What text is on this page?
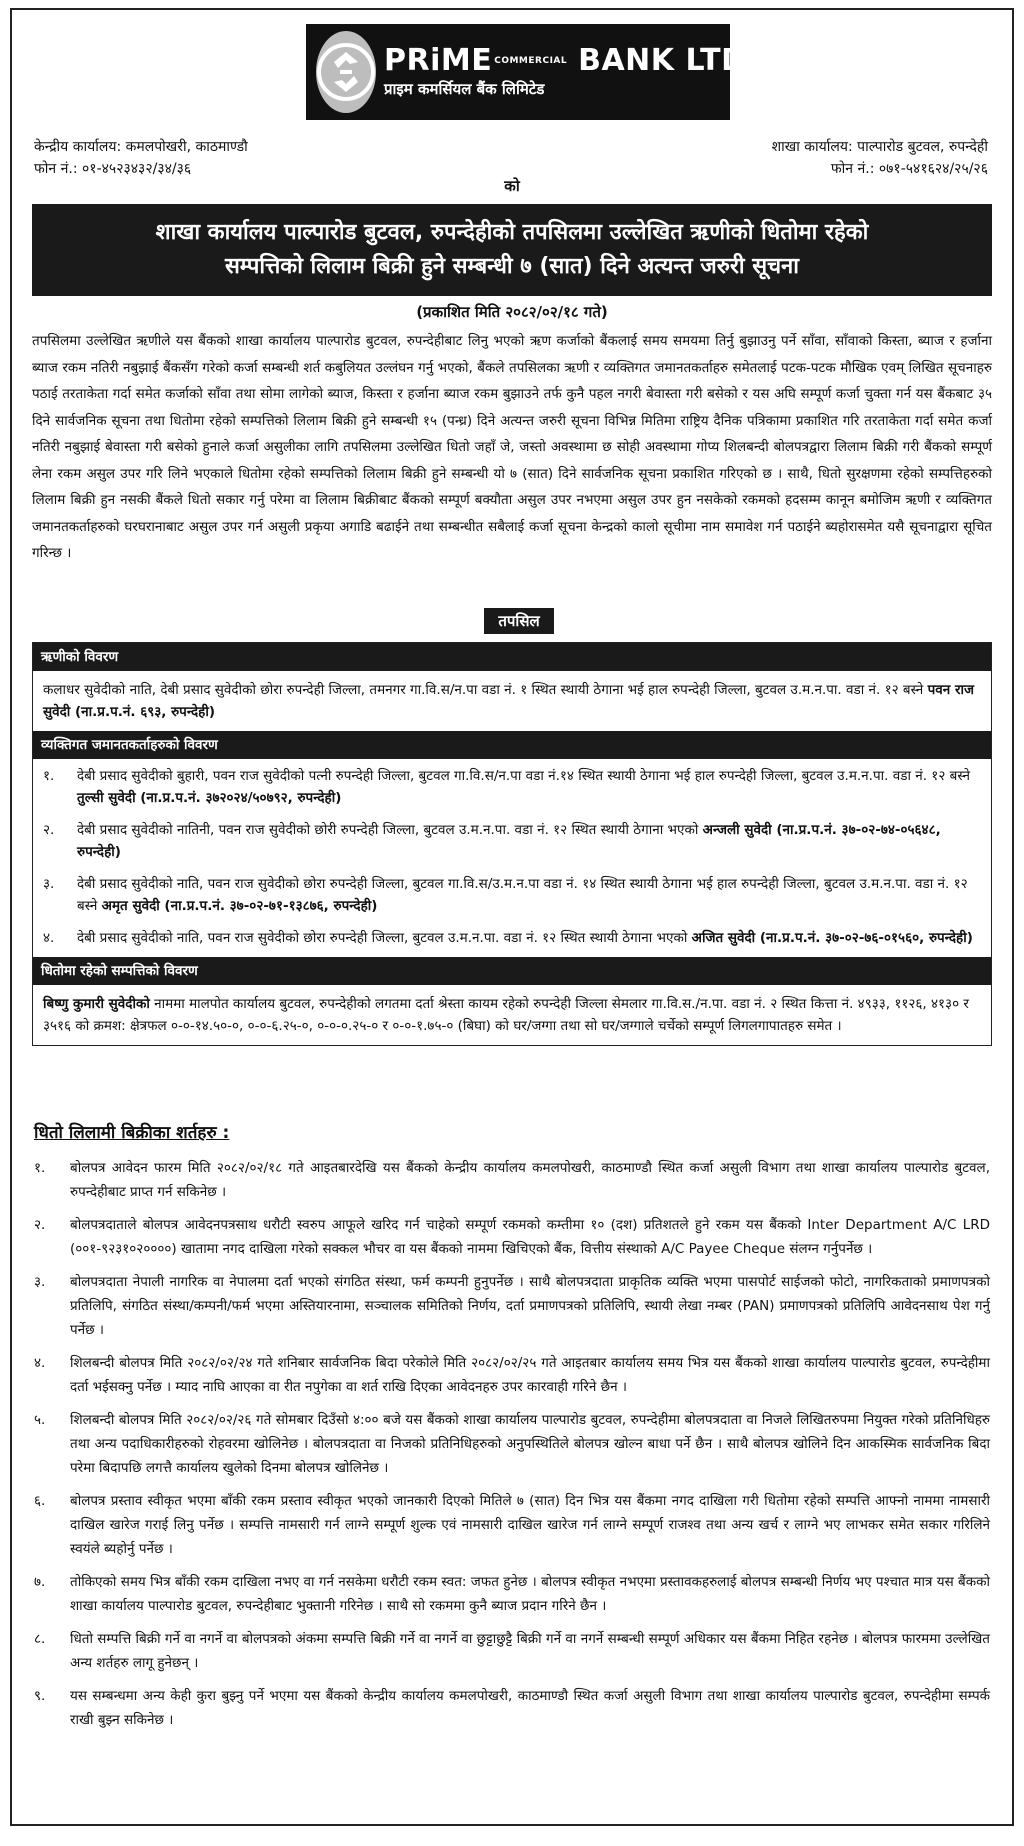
PRiME $^{COMMERCIAL}$ BANK LTD.
प्राइम कमर्सियल बैंक लिमिटेड
केन्द्रीय कार्यालय: कमलपोखरी, काठमाण्डौ
फोन नं.: ०१-४५२३४३२/३४/३६
शाखा कार्यालय: पाल्पारोड बुटवल, रुपन्देही
फोन नं.: ०७१-५४१६२४/२५/२६
को
शाखा कार्यालय पाल्पारोड बुटवल, रुपन्देहीको तपसिलमा उल्लेखित ऋणीको धितोमा रहेको
सम्पत्तिको लिलाम बिक्री हुने सम्बन्धी ७ (सात) दिने अत्यन्त जरुरी सूचना
(प्रकाशित मिति २०८२/०२/१८ गते)
तपसिलमा उल्लेखित ऋणीले यस बैंकको शाखा कार्यालय पाल्पारोड बुटवल, रुपन्देहीबाट लिनु भएको ऋण कर्जाको बैंकलाई समय समयमा तिर्नु बुझाउनु पर्ने साँवा, साँवाको किस्ता, ब्याज र हर्जाना ब्याज रकम नतिरी नबुझाई बैंकसँग गरेको कर्जा सम्बन्धी शर्त कबुलियत उल्लंघन गर्नु भएको, बैंकले तपसिलका ऋणी र व्यक्तिगत जमानतकर्ताहरु समेतलाई पटक-पटक मौखिक एवम् लिखित सूचनाहरु पठाई तरताकेता गर्दा समेत कर्जाको साँवा तथा सोमा लागेको ब्याज, किस्ता र हर्जाना ब्याज रकम बुझाउने तर्फ कुनै पहल नगरी बेवास्ता गरी बसेको र यस अघि सम्पूर्ण कर्जा चुक्ता गर्न यस बैंकबाट ३५ दिने सार्वजनिक सूचना तथा धितोमा रहेको सम्पत्तिको लिलाम बिक्री हुने सम्बन्धी १५ (पन्ध्र) दिने अत्यन्त जरुरी सूचना विभिन्न मितिमा राष्ट्रिय दैनिक पत्रिकामा प्रकाशित गरि तरताकेता गर्दा समेत कर्जा नतिरी नबुझाई बेवास्ता गरी बसेको हुनाले कर्जा असुलीका लागि तपसिलमा उल्लेखित धितो जहाँ जे, जस्तो अवस्थामा छ सोही अवस्थामा गोप्य शिलबन्दी बोलपत्रद्वारा लिलाम बिक्री गरी बैंकको सम्पूर्ण लेना रकम असुल उपर गरि लिने भएकाले धितोमा रहेको सम्पत्तिको लिलाम बिक्री हुने सम्बन्धी यो ७ (सात) दिने सार्वजनिक सूचना प्रकाशित गरिएको छ । साथै, धितो सुरक्षणमा रहेको सम्पत्तिहरुको लिलाम बिक्री हुन नसकी बैंकले धितो सकार गर्नु परेमा वा लिलाम बिक्रीबाट बैंकको सम्पूर्ण बक्यौता असुल उपर नभएमा असुल उपर हुन नसकेको रकमको हदसम्म कानून बमोजिम ऋणी र व्यक्तिगत जमानतकर्ताहरुको घरघरानाबाट असुल उपर गर्न असुली प्रकृया अगाडि बढाईने तथा सम्बन्धीत सबैलाई कर्जा सूचना केन्द्रको कालो सूचीमा नाम समावेश गर्न पठाईने ब्यहोरासमेत यसै सूचनाद्वारा सूचित गरिन्छ ।
तपसिल
ऋणीको विवरण
कलाधर सुवेदीको नाति, देबी प्रसाद सुवेदीको छोरा रुपन्देही जिल्ला, तमनगर गा.वि.स/न.पा वडा नं. १ स्थित स्थायी ठेगाना भई हाल रुपन्देही जिल्ला, बुटवल उ.म.न.पा. वडा नं. १२ बस्ने पवन राज सुवेदी (ना.प्र.प.नं. ६९३, रुपन्देही)
व्यक्तिगत जमानतकर्ताहरुको विवरण
१.	देबी प्रसाद सुवेदीको बुहारी, पवन राज सुवेदीको पत्नी रुपन्देही जिल्ला, बुटवल गा.वि.स/न.पा वडा नं.१४ स्थित स्थायी ठेगाना भई हाल रुपन्देही जिल्ला, बुटवल उ.म.न.पा. वडा नं. १२ बस्ने तुल्सी सुवेदी (ना.प्र.प.नं. ३७२०२४/५०७९२, रुपन्देही)
२.	देबी प्रसाद सुवेदीको नातिनी, पवन राज सुवेदीको छोरी रुपन्देही जिल्ला, बुटवल उ.म.न.पा. वडा नं. १२ स्थित स्थायी ठेगाना भएको अन्जली सुवेदी (ना.प्र.प.नं. ३७-०२-७४-०५६४८, रुपन्देही)
३.	देबी प्रसाद सुवेदीको नाति, पवन राज सुवेदीको छोरा रुपन्देही जिल्ला, बुटवल गा.वि.स/उ.म.न.पा वडा नं. १४ स्थित स्थायी ठेगाना भई हाल रुपन्देही जिल्ला, बुटवल उ.म.न.पा. वडा नं. १२ बस्ने अमृत सुवेदी (ना.प्र.प.नं. ३७-०२-७१-१३८७६, रुपन्देही)
४.	देबी प्रसाद सुवेदीको नाति, पवन राज सुवेदीको छोरा रुपन्देही जिल्ला, बुटवल उ.म.न.पा. वडा नं. १२ स्थित स्थायी ठेगाना भएको अजित सुवेदी (ना.प्र.प.नं. ३७-०२-७६-०१५६०, रुपन्देही)
धितोमा रहेको सम्पत्तिको विवरण
बिष्णु कुमारी सुवेदीको नाममा मालपोत कार्यालय बुटवल, रुपन्देहीको लगतमा दर्ता श्रेस्ता कायम रहेको रुपन्देही जिल्ला सेमलार गा.वि.स./न.पा. वडा नं. २ स्थित कित्ता नं. ४९३३, ११२६, ४१३० र ३५१६ को क्रमश: क्षेत्रफल ०-०-१४.५०-०, ०-०-६.२५-०, ०-०-०.२५-० र ०-०-१.७५-० (बिघा) को घर/जग्गा तथा सो घर/जग्गाले चर्चेको सम्पूर्ण लिगलगापातहरु समेत ।
धितो लिलामी बिक्रीका शर्तहरु :
१.	बोलपत्र आवेदन फारम मिति २०८२/०२/१८ गते आइतबारदेखि यस बैंकको केन्द्रीय कार्यालय कमलपोखरी, काठमाण्डौ स्थित कर्जा असुली विभाग तथा शाखा कार्यालय पाल्पारोड बुटवल, रुपन्देहीबाट प्राप्त गर्न सकिनेछ ।
२.	बोलपत्रदाताले बोलपत्र आवेदनपत्रसाथ धरौटी स्वरुप आफूले खरिद गर्न चाहेको सम्पूर्ण रकमको कम्तीमा १० (दश) प्रतिशतले हुने रकम यस बैंकको Inter Department A/C LRD (००१-९२३१०२००००) खातामा नगद दाखिला गरेको सक्कल भौचर वा यस बैंकको नाममा खिचिएको बैंक, वित्तीय संस्थाको A/C Payee Cheque संलग्न गर्नुपर्नेछ ।
३.	बोलपत्रदाता नेपाली नागरिक वा नेपालमा दर्ता भएको संगठित संस्था, फर्म कम्पनी हुनुपर्नेछ । साथै बोलपत्रदाता प्राकृतिक व्यक्ति भएमा पासपोर्ट साईजको फोटो, नागरिकताको प्रमाणपत्रको प्रतिलिपि, संगठित संस्था/कम्पनी/फर्म भएमा अस्तियारनामा, सञ्चालक समितिको निर्णय, दर्ता प्रमाणपत्रको प्रतिलिपि, स्थायी लेखा नम्बर (PAN) प्रमाणपत्रको प्रतिलिपि आवेदनसाथ पेश गर्नु पर्नेछ ।
४.	शिलबन्दी बोलपत्र मिति २०८२/०२/२४ गते शनिबार सार्वजनिक बिदा परेकोले मिति २०८२/०२/२५ गते आइतबार कार्यालय समय भित्र यस बैंकको शाखा कार्यालय पाल्पारोड बुटवल, रुपन्देहीमा दर्ता भईसक्नु पर्नेछ । म्याद नाघि आएका वा रीत नपुगेका वा शर्त राखि दिएका आवेदनहरु उपर कारवाही गरिने छैन ।
५.	शिलबन्दी बोलपत्र मिति २०८२/०२/२६ गते सोमबार दिउँसो ४:०० बजे यस बैंकको शाखा कार्यालय पाल्पारोड बुटवल, रुपन्देहीमा बोलपत्रदाता वा निजले लिखितरुपमा नियुक्त गरेको प्रतिनिधिहरु तथा अन्य पदाधिकारीहरुको रोहवरमा खोलिनेछ । बोलपत्रदाता वा निजको प्रतिनिधिहरुको अनुपस्थितिले बोलपत्र खोल्न बाधा पर्ने छैन । साथै बोलपत्र खोलिने दिन आकस्मिक सार्वजनिक बिदा परेमा बिदापछि लगत्तै कार्यालय खुलेको दिनमा बोलपत्र खोलिनेछ ।
६.	बोलपत्र प्रस्ताव स्वीकृत भएमा बाँकी रकम प्रस्ताव स्वीकृत भएको जानकारी दिएको मितिले ७ (सात) दिन भित्र यस बैंकमा नगद दाखिला गरी धितोमा रहेको सम्पत्ति आफ्नो नाममा नामसारी दाखिल खारेज गराई लिनु पर्नेछ । सम्पत्ति नामसारी गर्न लाग्ने सम्पूर्ण शुल्क एवं नामसारी दाखिल खारेज गर्न लाग्ने सम्पूर्ण राजश्व तथा अन्य खर्च र लाग्ने भए लाभकर समेत सकार गरिलिने स्वयंले ब्यहोर्नु पर्नेछ ।
७.	तोकिएको समय भित्र बाँकी रकम दाखिला नभए वा गर्न नसकेमा धरौटी रकम स्वत: जफत हुनेछ । बोलपत्र स्वीकृत नभएमा प्रस्तावकहरुलाई बोलपत्र सम्बन्धी निर्णय भए पश्चात मात्र यस बैंकको शाखा कार्यालय पाल्पारोड बुटवल, रुपन्देहीबाट भुक्तानी गरिनेछ । साथै सो रकममा कुनै ब्याज प्रदान गरिने छैन ।
८.	धितो सम्पत्ति बिक्री गर्ने वा नगर्ने वा बोलपत्रको अंकमा सम्पत्ति बिक्री गर्ने वा नगर्ने वा छुट्टाछुट्टै बिक्री गर्ने वा नगर्ने सम्बन्धी सम्पूर्ण अधिकार यस बैंकमा निहित रहनेछ । बोलपत्र फारममा उल्लेखित अन्य शर्तहरु लागू हुनेछन् ।
९.	यस सम्बन्धमा अन्य केही कुरा बुझ्नु पर्ने भएमा यस बैंकको केन्द्रीय कार्यालय कमलपोखरी, काठमाण्डौ स्थित कर्जा असुली विभाग तथा शाखा कार्यालय पाल्पारोड बुटवल, रुपन्देहीमा सम्पर्क राखी बुझ्न सकिनेछ ।
